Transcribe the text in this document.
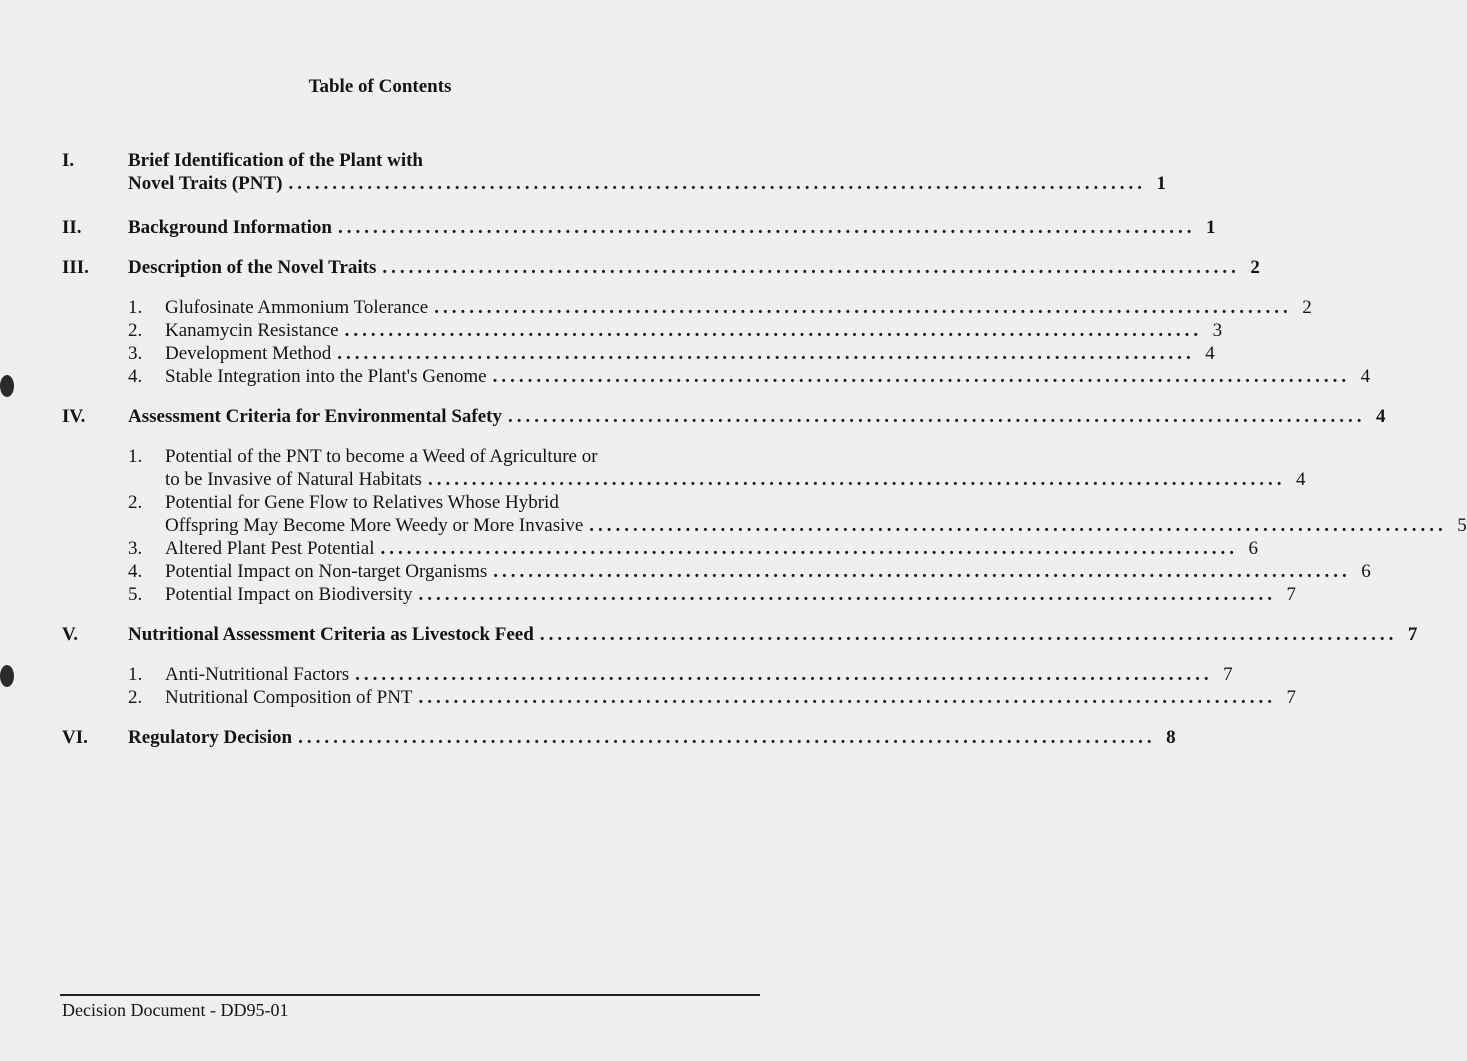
Table of Contents
I.	Brief Identification of the Plant with
Novel Traits (PNT) .................................................................................................. 1
II. Background Information .................................................................................................. 1
III. Description of the Novel Traits .................................................................................................. 2
1. Glufosinate Ammonium Tolerance .................................................................................................. 2
2. Kanamycin Resistance .................................................................................................. 3
3. Development Method .................................................................................................. 4
4. Stable Integration into the Plant's Genome .................................................................................................. 4
IV. Assessment Criteria for Environmental Safety .................................................................................................. 4
1. Potential of the PNT to become a Weed of Agriculture or
to be Invasive of Natural Habitats .................................................................................................. 4
2. Potential for Gene Flow to Relatives Whose Hybrid
Offspring May Become More Weedy or More Invasive .................................................................................................. 5
3. Altered Plant Pest Potential .................................................................................................. 6
4. Potential Impact on Non-target Organisms .................................................................................................. 6
5. Potential Impact on Biodiversity .................................................................................................. 7
V.	Nutritional Assessment Criteria as Livestock Feed .................................................................................................. 7
1. Anti-Nutritional Factors .................................................................................................. 7
2. Nutritional Composition of PNT .................................................................................................. 7
VI. Regulatory Decision .................................................................................................. 8
Decision Document - DD95-01
